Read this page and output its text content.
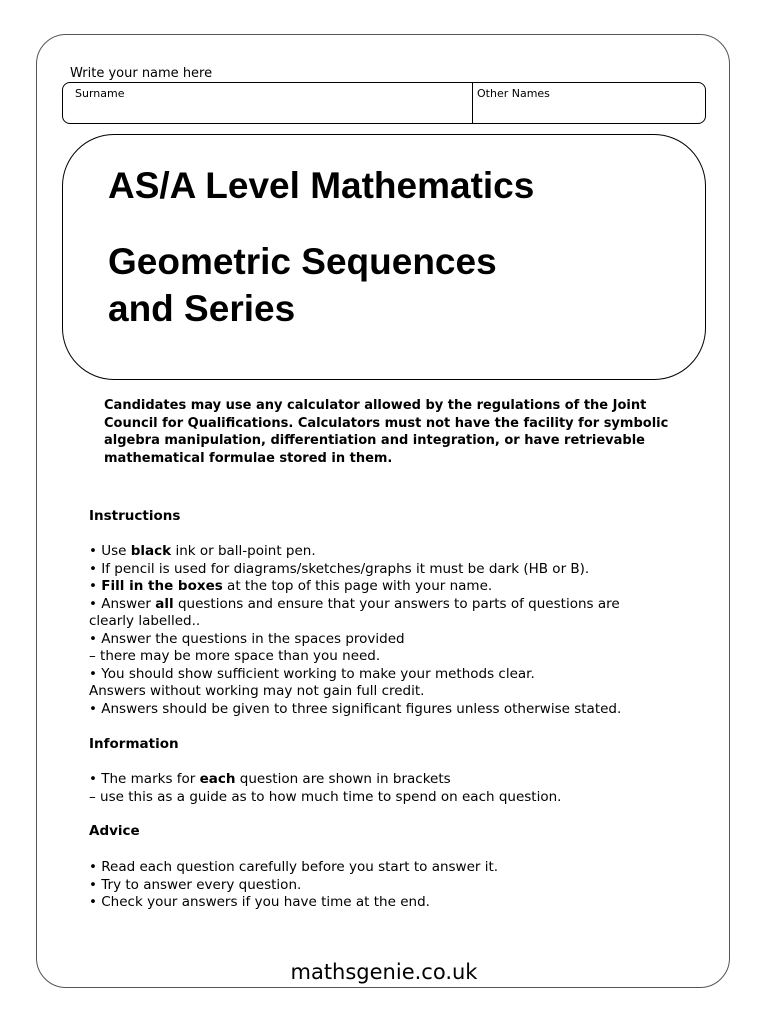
Write your name here
Surname	Other Names
AS/A Level Mathematics
Geometric Sequences
and Series

Candidates may use any calculator allowed by the regulations of the Joint Council for Qualifications. Calculators must not have the facility for symbolic algebra manipulation, differentiation and integration, or have retrievable mathematical formulae stored in them.

Instructions
• Use black ink or ball-point pen.
• If pencil is used for diagrams/sketches/graphs it must be dark (HB or B).
• Fill in the boxes at the top of this page with your name.
• Answer all questions and ensure that your answers to parts of questions are
clearly labelled..
• Answer the questions in the spaces provided
– there may be more space than you need.
• You should show sufficient working to make your methods clear.
Answers without working may not gain full credit.
• Answers should be given to three significant figures unless otherwise stated.
Information
• The marks for each question are shown in brackets
– use this as a guide as to how much time to spend on each question.
Advice
• Read each question carefully before you start to answer it.
• Try to answer every question.
• Check your answers if you have time at the end.
mathsgenie.co.uk
